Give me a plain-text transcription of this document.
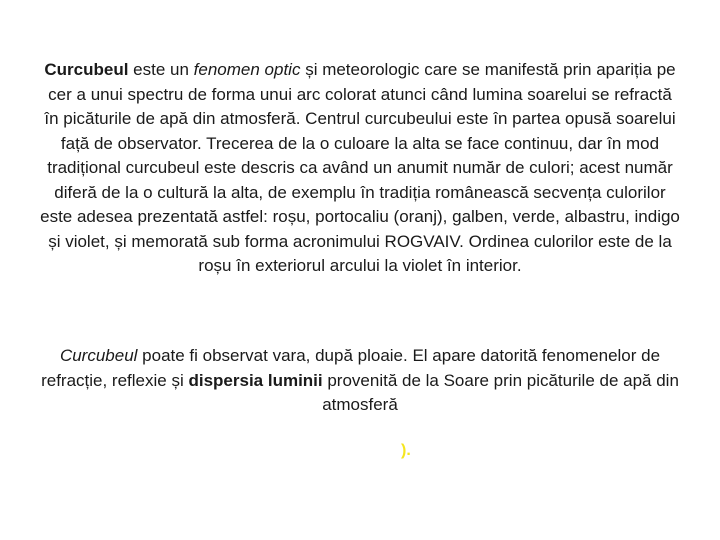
Curcubeul este un fenomen optic și meteorologic care se manifestă prin apariția pe cer a unui spectru de forma unui arc colorat atunci când lumina soarelui se refractă în picăturile de apă din atmosferă. Centrul curcubeului este în partea opusă soarelui față de observator. Trecerea de la o culoare la alta se face continuu, dar în mod tradițional curcubeul este descris ca având un anumit număr de culori; acest număr diferă de la o cultură la alta, de exemplu în tradiția românească secvența culorilor este adesea prezentată astfel: roșu, portocaliu (oranj), galben, verde, albastru, indigo și violet, și memorată sub forma acronimului ROGVAIV. Ordinea culorilor este de la roșu în exteriorul arcului la violet în interior.

Curcubeul poate fi observat vara, după ploaie. El apare datorită fenomenelor de refracție, reflexie și dispersia luminii provenită de la Soare prin picăturile de apă din atmosferă

).
